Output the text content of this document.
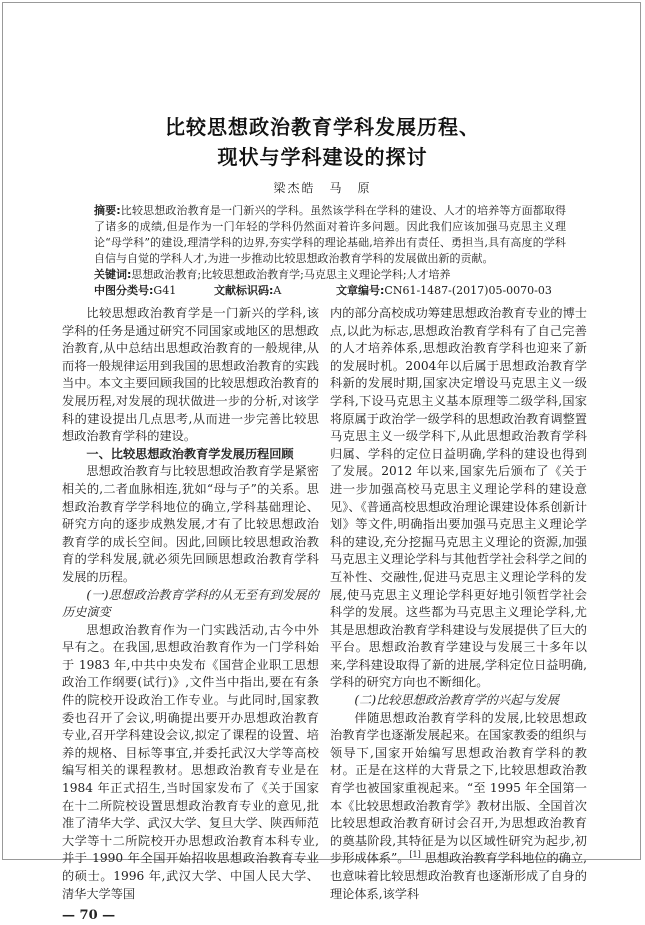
比较思想政治教育学科发展历程、
现状与学科建设的探讨
梁杰皓　马　原
摘要:比较思想政治教育是一门新兴的学科。虽然该学科在学科的建设、人才的培养等方面都取得了诸多的成绩,但是作为一门年轻的学科仍然面对着许多问题。因此我们应该加强马克思主义理论“母学科”的建设,理清学科的边界,夯实学科的理论基础,培养出有责任、勇担当,具有高度的学科自信与自觉的学科人才,为进一步推动比较思想政治教育学科的发展做出新的贡献。
关键词:思想政治教育;比较思想政治教育学;马克思主义理论学科;人才培养
中图分类号:G41	文献标识码:A	文章编号:CN61-1487-(2017)05-0070-03

比较思想政治教育学是一门新兴的学科,该学科的任务是通过研究不同国家或地区的思想政治教育,从中总结出思想政治教育的一般规律,从而将一般规律运用到我国的思想政治教育的实践当中。本文主要回顾我国的比较思想政治教育的发展历程,对发展的现状做进一步的分析,对该学科的建设提出几点思考,从而进一步完善比较思想政治教育学科的建设。

一、比较思想政治教育学发展历程回顾

思想政治教育与比较思想政治教育学是紧密相关的,二者血脉相连,犹如“母与子”的关系。思想政治教育学学科地位的确立,学科基础理论、研究方向的逐步成熟发展,才有了比较思想政治教育学的成长空间。因此,回顾比较思想政治教育的学科发展,就必须先回顾思想政治教育学科发展的历程。

(一)思想政治教育学科的从无至有到发展的历史演变

思想政治教育作为一门实践活动,古今中外早有之。在我国,思想政治教育作为一门学科始于 1983 年,中共中央发布《国营企业职工思想政治工作纲要(试行)》,文件当中指出,要在有条件的院校开设政治工作专业。与此同时,国家教委也召开了会议,明确提出要开办思想政治教育专业,召开学科建设会议,拟定了课程的设置、培养的规格、目标等事宜,并委托武汉大学等高校编写相关的课程教材。思想政治教育专业是在 1984 年正式招生,当时国家发布了《关于国家在十二所院校设置思想政治教育专业的意见,批准了清华大学、武汉大学、复旦大学、陕西师范大学等十二所院校开办思想政治教育本科专业,并于 1990 年全国开始招收思想政治教育专业的硕士。1996 年,武汉大学、中国人民大学、清华大学等国

内的部分高校成功筹建思想政治教育专业的博士点,以此为标志,思想政治教育学科有了自己完善的人才培养体系,思想政治教育学科也迎来了新的发展时机。2004年以后属于思想政治教育学科新的发展时期,国家决定增设马克思主义一级学科,下设马克思主义基本原理等二级学科,国家将原属于政治学一级学科的思想政治教育调整置马克思主义一级学科下,从此思想政治教育学科归属、学科的定位日益明确,学科的建设也得到了发展。2012 年以来,国家先后颁布了《关于进一步加强高校马克思主义理论学科的建设意见》、《普通高校思想政治理论课建设体系创新计划》等文件,明确指出要加强马克思主义理论学科的建设,充分挖掘马克思主义理论的资源,加强马克思主义理论学科与其他哲学社会科学之间的互补性、交融性,促进马克思主义理论学科的发展,使马克思主义理论学科更好地引领哲学社会科学的发展。这些都为马克思主义理论学科,尤其是思想政治教育学科建设与发展提供了巨大的平台。思想政治教育学建设与发展三十多年以来,学科建设取得了新的进展,学科定位日益明确,学科的研究方向也不断细化。

(二)比较思想政治教育学的兴起与发展

伴随思想政治教育学科的发展,比较思想政治教育学也逐渐发展起来。在国家教委的组织与领导下,国家开始编写思想政治教育学科的教材。正是在这样的大背景之下,比较思想政治教育学也被国家重视起来。“至 1995 年全国第一本《比较思想政治教育学》教材出版、全国首次比较思想政治教育研讨会召开,为思想政治教育的奠基阶段,其特征是为以区域性研究为起步,初步形成体系”。[1] 思想政治教育学科地位的确立,也意味着比较思想政治教育也逐渐形成了自身的理论体系,该学科

— 70 —
